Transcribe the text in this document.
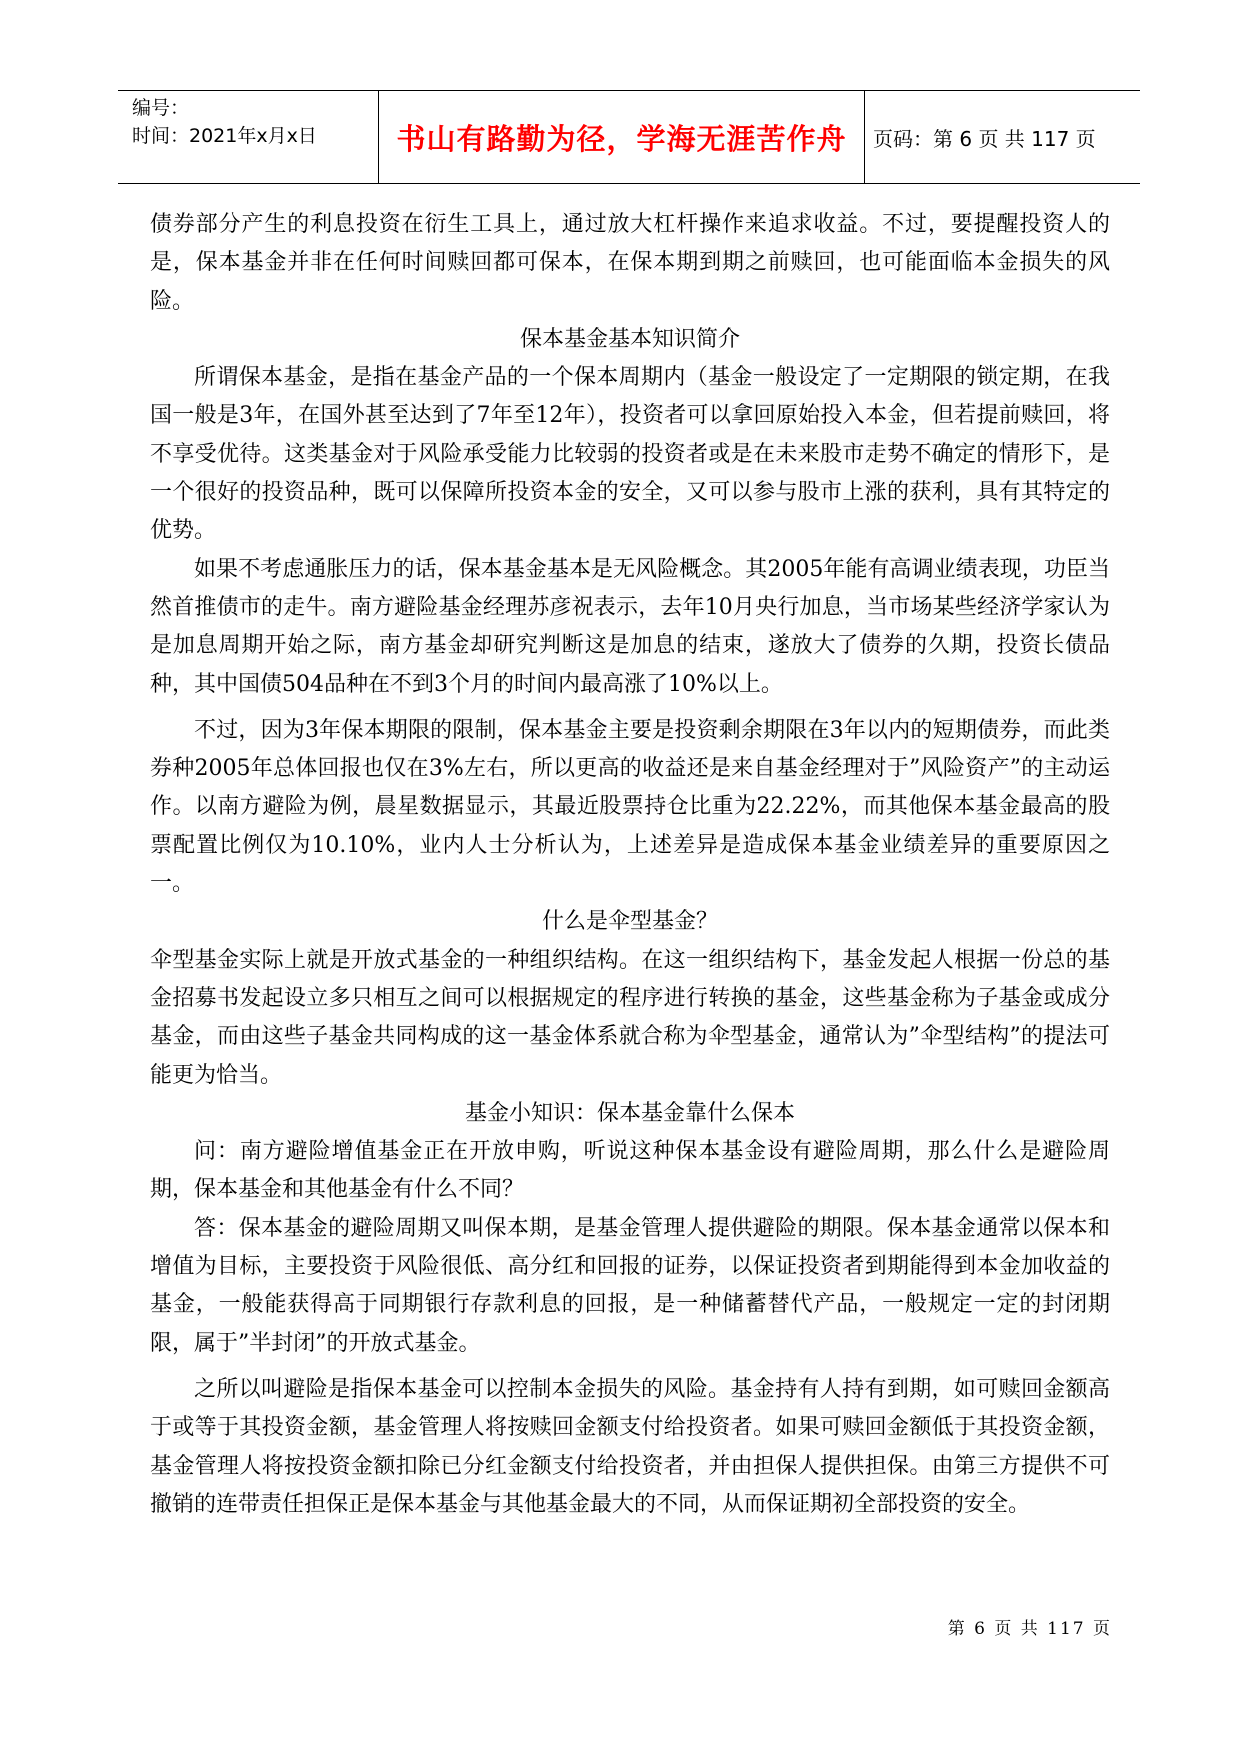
编号：
时间：2021年x月x日	书山有路勤为径，学海无涯苦作舟	页码：第 6 页 共 117 页

债券部分产生的利息投资在衍生工具上，通过放大杠杆操作来追求收益。不过，要提醒投资人的是，保本基金并非在任何时间赎回都可保本，在保本期到期之前赎回，也可能面临本金损失的风险。

保本基金基本知识简介

所谓保本基金，是指在基金产品的一个保本周期内（基金一般设定了一定期限的锁定期，在我国一般是3年，在国外甚至达到了7年至12年），投资者可以拿回原始投入本金，但若提前赎回，将不享受优待。这类基金对于风险承受能力比较弱的投资者或是在未来股市走势不确定的情形下，是一个很好的投资品种，既可以保障所投资本金的安全，又可以参与股市上涨的获利，具有其特定的优势。

如果不考虑通胀压力的话，保本基金基本是无风险概念。其2005年能有高调业绩表现，功臣当然首推债市的走牛。南方避险基金经理苏彦祝表示，去年10月央行加息，当市场某些经济学家认为是加息周期开始之际，南方基金却研究判断这是加息的结束，遂放大了债券的久期，投资长债品种，其中国债504品种在不到3个月的时间内最高涨了10%以上。

不过，因为3年保本期限的限制，保本基金主要是投资剩余期限在3年以内的短期债券，而此类券种2005年总体回报也仅在3%左右，所以更高的收益还是来自基金经理对于”风险资产”的主动运作。以南方避险为例，晨星数据显示，其最近股票持仓比重为22.22%，而其他保本基金最高的股票配置比例仅为10.10%，业内人士分析认为，上述差异是造成保本基金业绩差异的重要原因之一。

什么是伞型基金？

伞型基金实际上就是开放式基金的一种组织结构。在这一组织结构下，基金发起人根据一份总的基金招募书发起设立多只相互之间可以根据规定的程序进行转换的基金，这些基金称为子基金或成分基金，而由这些子基金共同构成的这一基金体系就合称为伞型基金，通常认为”伞型结构”的提法可能更为恰当。

基金小知识：保本基金靠什么保本

问：南方避险增值基金正在开放申购，听说这种保本基金设有避险周期，那么什么是避险周期，保本基金和其他基金有什么不同？

答：保本基金的避险周期又叫保本期，是基金管理人提供避险的期限。保本基金通常以保本和增值为目标，主要投资于风险很低、高分红和回报的证券，以保证投资者到期能得到本金加收益的基金，一般能获得高于同期银行存款利息的回报，是一种储蓄替代产品，一般规定一定的封闭期限，属于”半封闭”的开放式基金。

之所以叫避险是指保本基金可以控制本金损失的风险。基金持有人持有到期，如可赎回金额高于或等于其投资金额，基金管理人将按赎回金额支付给投资者。如果可赎回金额低于其投资金额，基金管理人将按投资金额扣除已分红金额支付给投资者，并由担保人提供担保。由第三方提供不可撤销的连带责任担保正是保本基金与其他基金最大的不同，从而保证期初全部投资的安全。

第 6 页 共 117 页
